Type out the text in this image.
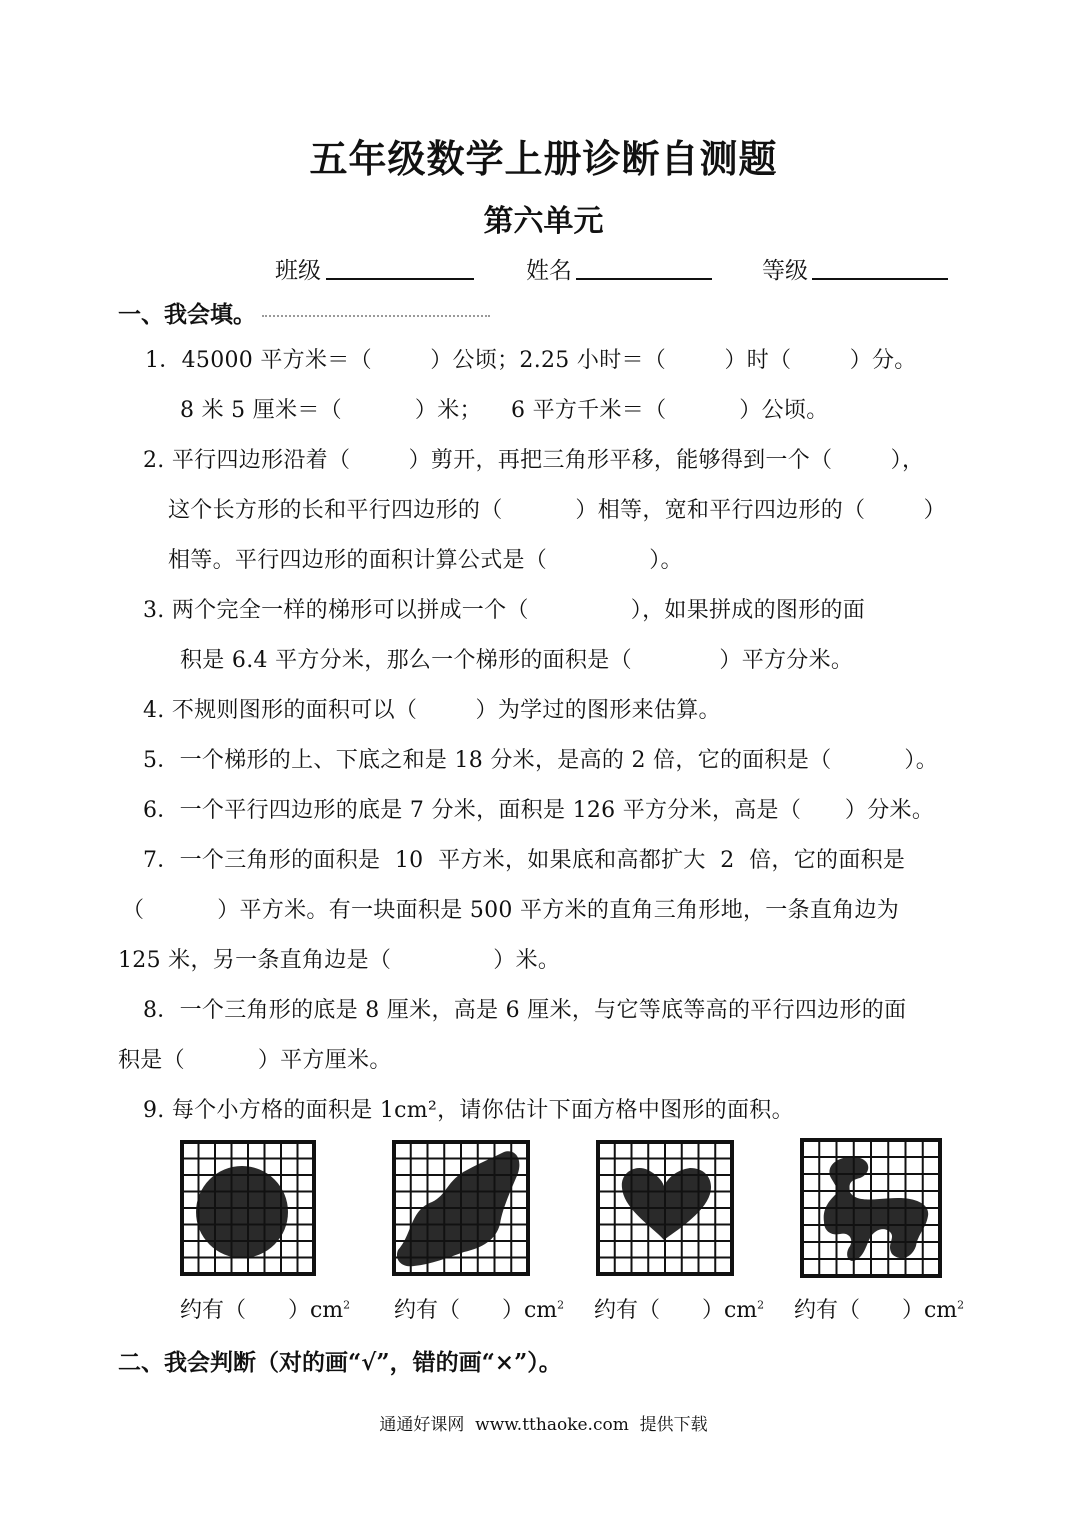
五年级数学上册诊断自测题
第六单元
班级	姓名	等级
一、我会填。
1．45000 平方米＝（        ）公顷；2.25 小时＝（        ）时（        ）分。
8 米 5 厘米＝（          ）米；    6 平方千米＝（          ）公顷。
2. 平行四边形沿着（        ）剪开，再把三角形平移，能够得到一个（        ），
这个长方形的长和平行四边形的（          ）相等，宽和平行四边形的（        ）
相等。平行四边形的面积计算公式是（              ）。
3. 两个完全一样的梯形可以拼成一个（              ），如果拼成的图形的面
积是 6.4 平方分米，那么一个梯形的面积是（            ）平方分米。
4. 不规则图形的面积可以（        ）为学过的图形来估算。
5．一个梯形的上、下底之和是 18 分米，是高的 2 倍，它的面积是（          ）。
6．一个平行四边形的底是 7 分米，面积是 126 平方分米，高是（      ）分米。
7．一个三角形的面积是  10  平方米，如果底和高都扩大  2  倍，它的面积是
（          ）平方米。有一块面积是 500 平方米的直角三角形地，一条直角边为
125 米，另一条直角边是（              ）米。
8．一个三角形的底是 8 厘米，高是 6 厘米，与它等底等高的平行四边形的面
积是（          ）平方厘米。
9. 每个小方格的面积是 1cm²，请你估计下面方格中图形的面积。
约有（      ）$cm^2$ 约有（      ）$cm^2$ 约有（      ）$cm^2$ 约有（      ）$cm^2$
二、我会判断（对的画“√”，错的画“×”）。
通通好课网  www.tthaoke.com  提供下载
